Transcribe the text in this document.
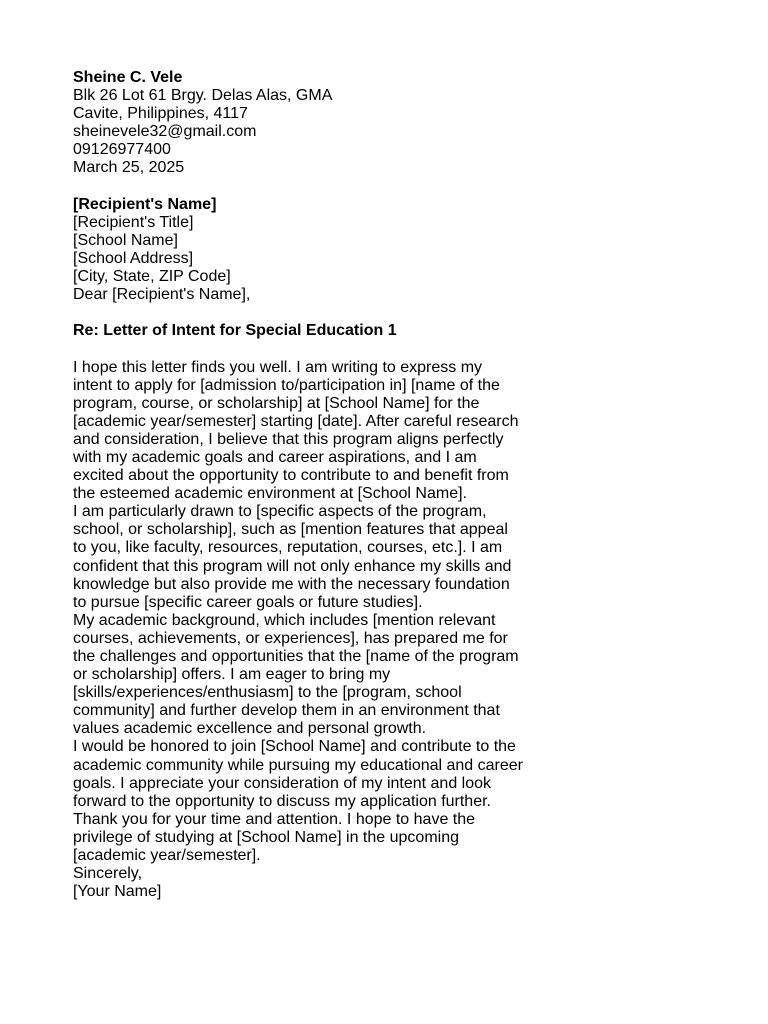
Sheine C. Vele
Blk 26 Lot 61 Brgy. Delas Alas, GMA
Cavite, Philippines, 4117
sheinevele32@gmail.com
09126977400
March 25, 2025
[Recipient's Name]
[Recipient's Title]
[School Name]
[School Address]
[City, State, ZIP Code]
Dear [Recipient's Name],
Re: Letter of Intent for Special Education 1
I hope this letter finds you well. I am writing to express my
intent to apply for [admission to/participation in] [name of the
program, course, or scholarship] at [School Name] for the
[academic year/semester] starting [date]. After careful research
and consideration, I believe that this program aligns perfectly
with my academic goals and career aspirations, and I am
excited about the opportunity to contribute to and benefit from
the esteemed academic environment at [School Name].
I am particularly drawn to [specific aspects of the program,
school, or scholarship], such as [mention features that appeal
to you, like faculty, resources, reputation, courses, etc.]. I am
confident that this program will not only enhance my skills and
knowledge but also provide me with the necessary foundation
to pursue [specific career goals or future studies].
My academic background, which includes [mention relevant
courses, achievements, or experiences], has prepared me for
the challenges and opportunities that the [name of the program
or scholarship] offers. I am eager to bring my
[skills/experiences/enthusiasm] to the [program, school
community] and further develop them in an environment that
values academic excellence and personal growth.
I would be honored to join [School Name] and contribute to the
academic community while pursuing my educational and career
goals. I appreciate your consideration of my intent and look
forward to the opportunity to discuss my application further.
Thank you for your time and attention. I hope to have the
privilege of studying at [School Name] in the upcoming
[academic year/semester].
Sincerely,
[Your Name]
